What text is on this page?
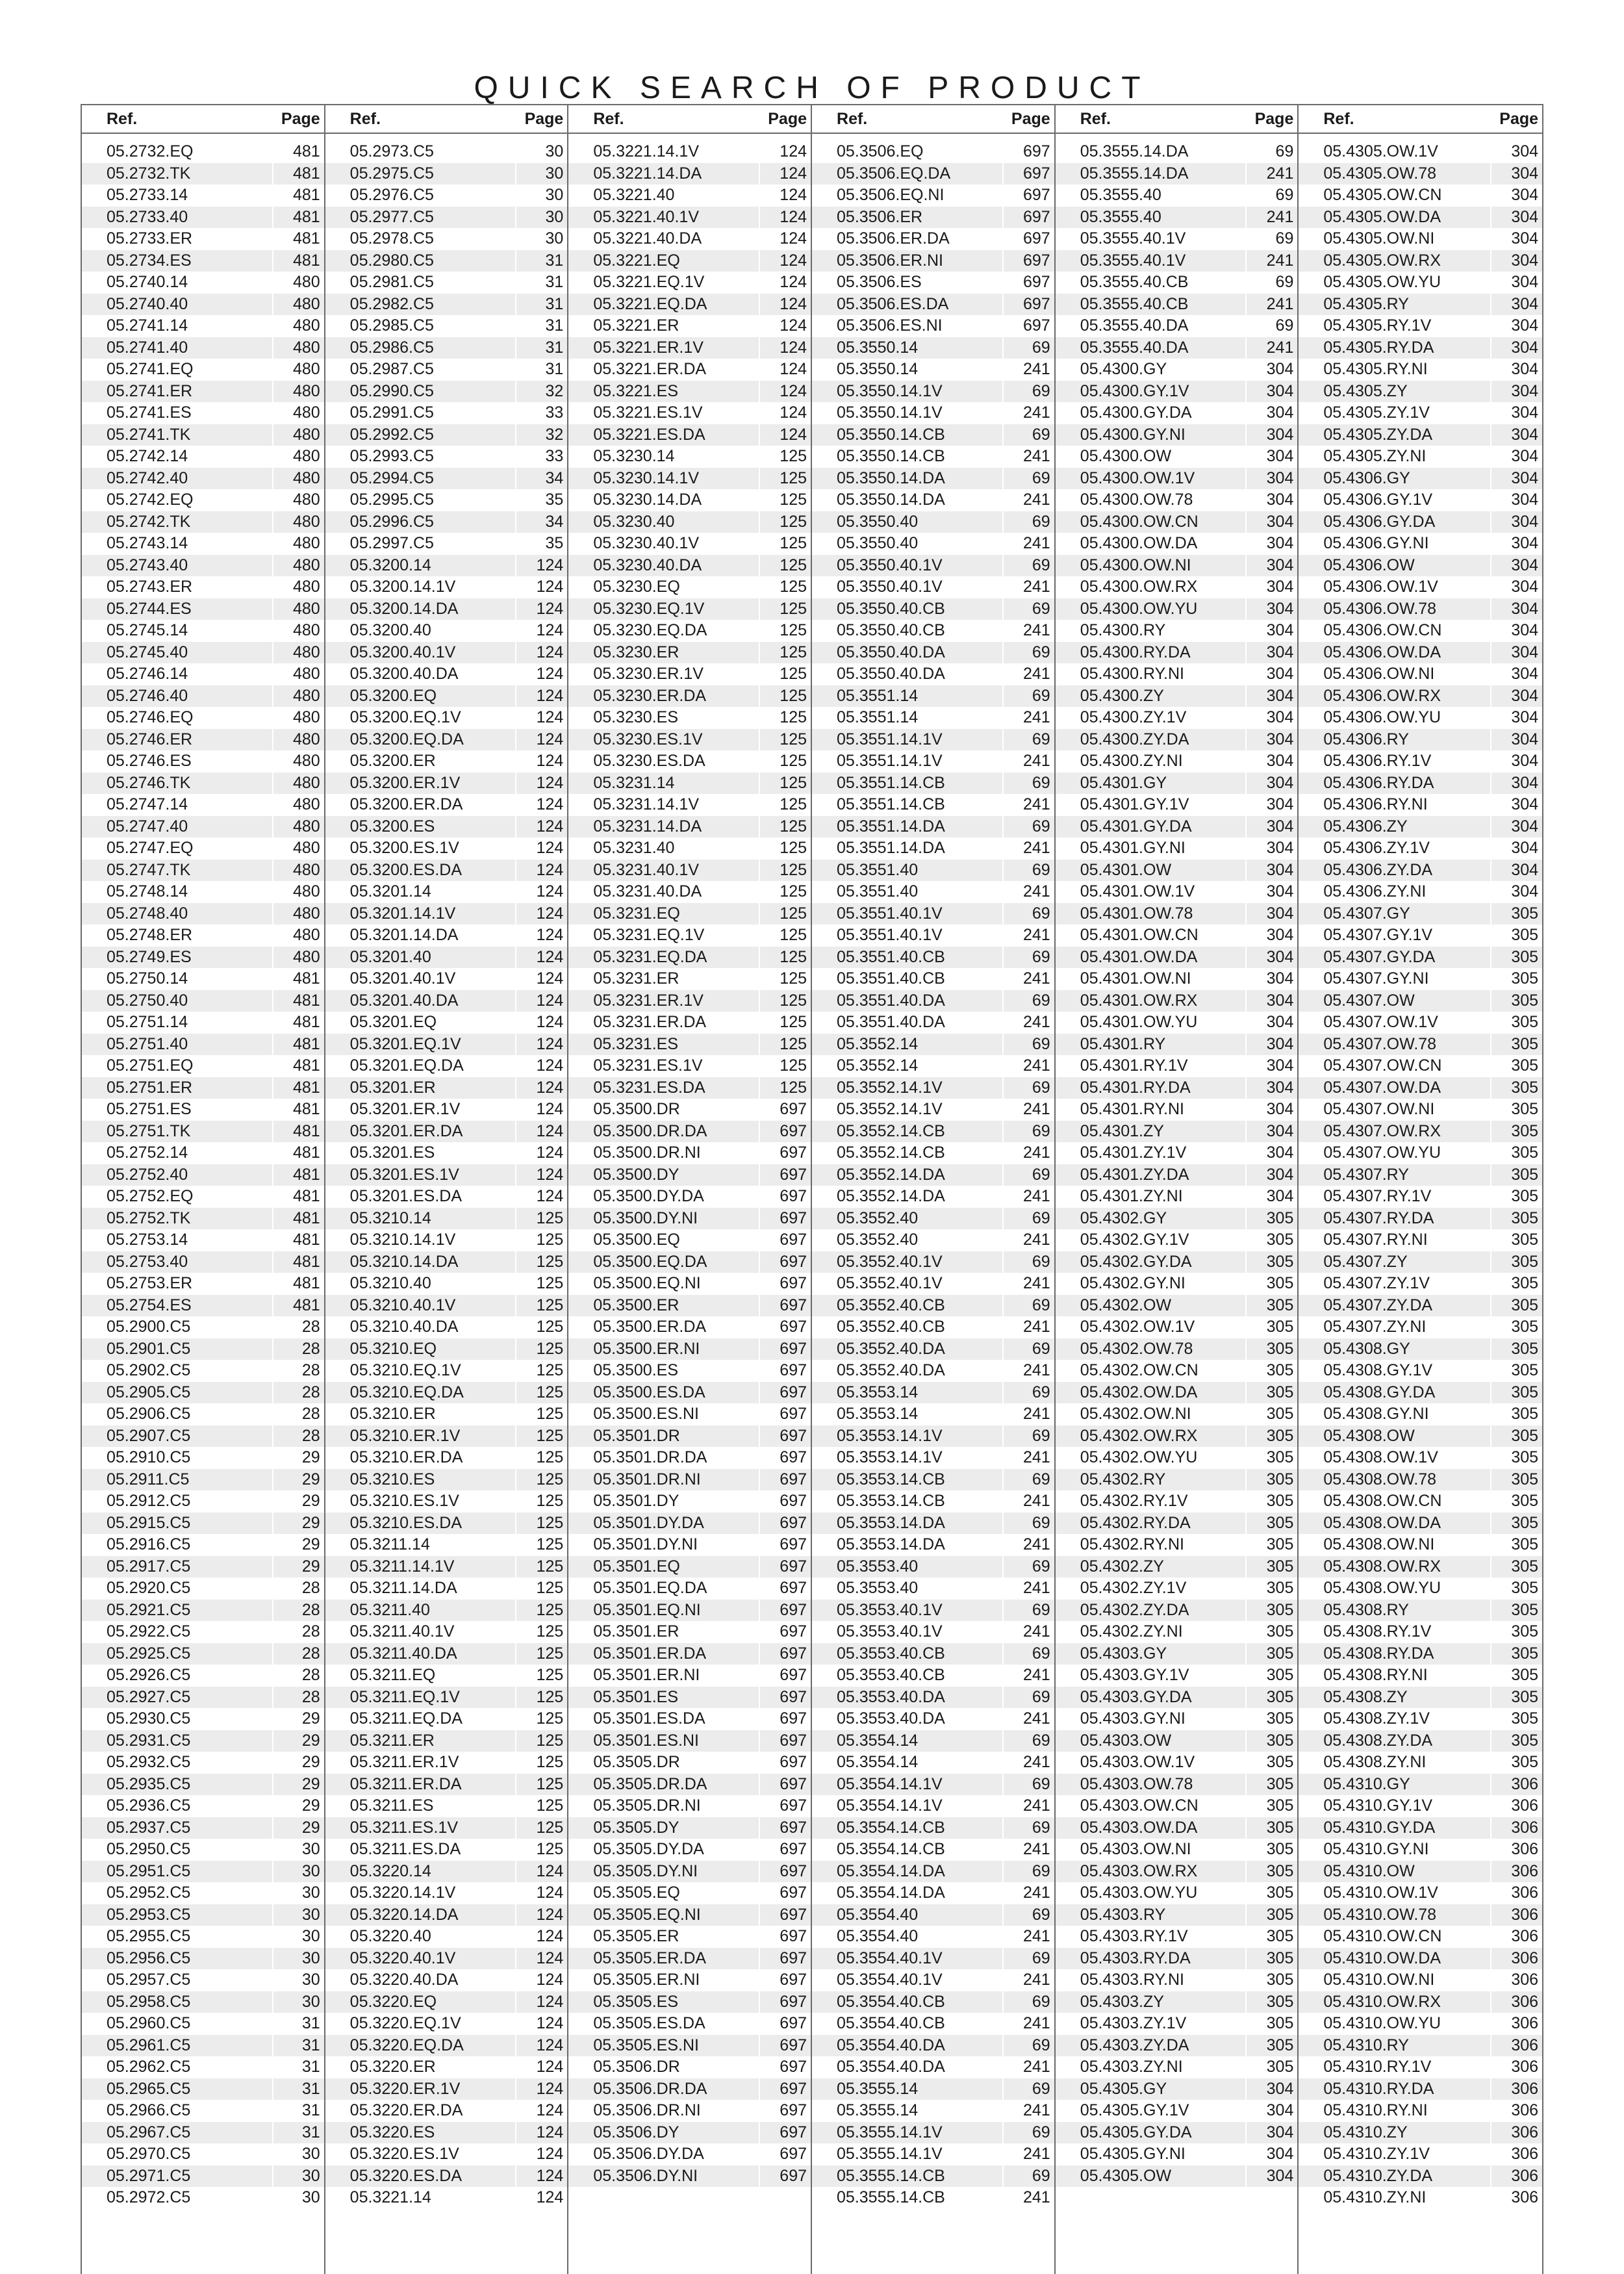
QUICK SEARCH OF PRODUCT
Ref.	Page
05.2732.EQ	481
05.2732.TK	481
05.2733.14	481
05.2733.40	481
05.2733.ER	481
05.2734.ES	481
05.2740.14	480
05.2740.40	480
05.2741.14	480
05.2741.40	480
05.2741.EQ	480
05.2741.ER	480
05.2741.ES	480
05.2741.TK	480
05.2742.14	480
05.2742.40	480
05.2742.EQ	480
05.2742.TK	480
05.2743.14	480
05.2743.40	480
05.2743.ER	480
05.2744.ES	480
05.2745.14	480
05.2745.40	480
05.2746.14	480
05.2746.40	480
05.2746.EQ	480
05.2746.ER	480
05.2746.ES	480
05.2746.TK	480
05.2747.14	480
05.2747.40	480
05.2747.EQ	480
05.2747.TK	480
05.2748.14	480
05.2748.40	480
05.2748.ER	480
05.2749.ES	480
05.2750.14	481
05.2750.40	481
05.2751.14	481
05.2751.40	481
05.2751.EQ	481
05.2751.ER	481
05.2751.ES	481
05.2751.TK	481
05.2752.14	481
05.2752.40	481
05.2752.EQ	481
05.2752.TK	481
05.2753.14	481
05.2753.40	481
05.2753.ER	481
05.2754.ES	481
05.2900.C5	28
05.2901.C5	28
05.2902.C5	28
05.2905.C5	28
05.2906.C5	28
05.2907.C5	28
05.2910.C5	29
05.2911.C5	29
05.2912.C5	29
05.2915.C5	29
05.2916.C5	29
05.2917.C5	29
05.2920.C5	28
05.2921.C5	28
05.2922.C5	28
05.2925.C5	28
05.2926.C5	28
05.2927.C5	28
05.2930.C5	29
05.2931.C5	29
05.2932.C5	29
05.2935.C5	29
05.2936.C5	29
05.2937.C5	29
05.2950.C5	30
05.2951.C5	30
05.2952.C5	30
05.2953.C5	30
05.2955.C5	30
05.2956.C5	30
05.2957.C5	30
05.2958.C5	30
05.2960.C5	31
05.2961.C5	31
05.2962.C5	31
05.2965.C5	31
05.2966.C5	31
05.2967.C5	31
05.2970.C5	30
05.2971.C5	30
05.2972.C5	30
Ref.	Page
05.2973.C5	30
05.2975.C5	30
05.2976.C5	30
05.2977.C5	30
05.2978.C5	30
05.2980.C5	31
05.2981.C5	31
05.2982.C5	31
05.2985.C5	31
05.2986.C5	31
05.2987.C5	31
05.2990.C5	32
05.2991.C5	33
05.2992.C5	32
05.2993.C5	33
05.2994.C5	34
05.2995.C5	35
05.2996.C5	34
05.2997.C5	35
05.3200.14	124
05.3200.14.1V	124
05.3200.14.DA	124
05.3200.40	124
05.3200.40.1V	124
05.3200.40.DA	124
05.3200.EQ	124
05.3200.EQ.1V	124
05.3200.EQ.DA	124
05.3200.ER	124
05.3200.ER.1V	124
05.3200.ER.DA	124
05.3200.ES	124
05.3200.ES.1V	124
05.3200.ES.DA	124
05.3201.14	124
05.3201.14.1V	124
05.3201.14.DA	124
05.3201.40	124
05.3201.40.1V	124
05.3201.40.DA	124
05.3201.EQ	124
05.3201.EQ.1V	124
05.3201.EQ.DA	124
05.3201.ER	124
05.3201.ER.1V	124
05.3201.ER.DA	124
05.3201.ES	124
05.3201.ES.1V	124
05.3201.ES.DA	124
05.3210.14	125
05.3210.14.1V	125
05.3210.14.DA	125
05.3210.40	125
05.3210.40.1V	125
05.3210.40.DA	125
05.3210.EQ	125
05.3210.EQ.1V	125
05.3210.EQ.DA	125
05.3210.ER	125
05.3210.ER.1V	125
05.3210.ER.DA	125
05.3210.ES	125
05.3210.ES.1V	125
05.3210.ES.DA	125
05.3211.14	125
05.3211.14.1V	125
05.3211.14.DA	125
05.3211.40	125
05.3211.40.1V	125
05.3211.40.DA	125
05.3211.EQ	125
05.3211.EQ.1V	125
05.3211.EQ.DA	125
05.3211.ER	125
05.3211.ER.1V	125
05.3211.ER.DA	125
05.3211.ES	125
05.3211.ES.1V	125
05.3211.ES.DA	125
05.3220.14	124
05.3220.14.1V	124
05.3220.14.DA	124
05.3220.40	124
05.3220.40.1V	124
05.3220.40.DA	124
05.3220.EQ	124
05.3220.EQ.1V	124
05.3220.EQ.DA	124
05.3220.ER	124
05.3220.ER.1V	124
05.3220.ER.DA	124
05.3220.ES	124
05.3220.ES.1V	124
05.3220.ES.DA	124
05.3221.14	124
Ref.	Page
05.3221.14.1V	124
05.3221.14.DA	124
05.3221.40	124
05.3221.40.1V	124
05.3221.40.DA	124
05.3221.EQ	124
05.3221.EQ.1V	124
05.3221.EQ.DA	124
05.3221.ER	124
05.3221.ER.1V	124
05.3221.ER.DA	124
05.3221.ES	124
05.3221.ES.1V	124
05.3221.ES.DA	124
05.3230.14	125
05.3230.14.1V	125
05.3230.14.DA	125
05.3230.40	125
05.3230.40.1V	125
05.3230.40.DA	125
05.3230.EQ	125
05.3230.EQ.1V	125
05.3230.EQ.DA	125
05.3230.ER	125
05.3230.ER.1V	125
05.3230.ER.DA	125
05.3230.ES	125
05.3230.ES.1V	125
05.3230.ES.DA	125
05.3231.14	125
05.3231.14.1V	125
05.3231.14.DA	125
05.3231.40	125
05.3231.40.1V	125
05.3231.40.DA	125
05.3231.EQ	125
05.3231.EQ.1V	125
05.3231.EQ.DA	125
05.3231.ER	125
05.3231.ER.1V	125
05.3231.ER.DA	125
05.3231.ES	125
05.3231.ES.1V	125
05.3231.ES.DA	125
05.3500.DR	697
05.3500.DR.DA	697
05.3500.DR.NI	697
05.3500.DY	697
05.3500.DY.DA	697
05.3500.DY.NI	697
05.3500.EQ	697
05.3500.EQ.DA	697
05.3500.EQ.NI	697
05.3500.ER	697
05.3500.ER.DA	697
05.3500.ER.NI	697
05.3500.ES	697
05.3500.ES.DA	697
05.3500.ES.NI	697
05.3501.DR	697
05.3501.DR.DA	697
05.3501.DR.NI	697
05.3501.DY	697
05.3501.DY.DA	697
05.3501.DY.NI	697
05.3501.EQ	697
05.3501.EQ.DA	697
05.3501.EQ.NI	697
05.3501.ER	697
05.3501.ER.DA	697
05.3501.ER.NI	697
05.3501.ES	697
05.3501.ES.DA	697
05.3501.ES.NI	697
05.3505.DR	697
05.3505.DR.DA	697
05.3505.DR.NI	697
05.3505.DY	697
05.3505.DY.DA	697
05.3505.DY.NI	697
05.3505.EQ	697
05.3505.EQ.NI	697
05.3505.ER	697
05.3505.ER.DA	697
05.3505.ER.NI	697
05.3505.ES	697
05.3505.ES.DA	697
05.3505.ES.NI	697
05.3506.DR	697
05.3506.DR.DA	697
05.3506.DR.NI	697
05.3506.DY	697
05.3506.DY.DA	697
05.3506.DY.NI	697
Ref.	Page
05.3506.EQ	697
05.3506.EQ.DA	697
05.3506.EQ.NI	697
05.3506.ER	697
05.3506.ER.DA	697
05.3506.ER.NI	697
05.3506.ES	697
05.3506.ES.DA	697
05.3506.ES.NI	697
05.3550.14	69
05.3550.14	241
05.3550.14.1V	69
05.3550.14.1V	241
05.3550.14.CB	69
05.3550.14.CB	241
05.3550.14.DA	69
05.3550.14.DA	241
05.3550.40	69
05.3550.40	241
05.3550.40.1V	69
05.3550.40.1V	241
05.3550.40.CB	69
05.3550.40.CB	241
05.3550.40.DA	69
05.3550.40.DA	241
05.3551.14	69
05.3551.14	241
05.3551.14.1V	69
05.3551.14.1V	241
05.3551.14.CB	69
05.3551.14.CB	241
05.3551.14.DA	69
05.3551.14.DA	241
05.3551.40	69
05.3551.40	241
05.3551.40.1V	69
05.3551.40.1V	241
05.3551.40.CB	69
05.3551.40.CB	241
05.3551.40.DA	69
05.3551.40.DA	241
05.3552.14	69
05.3552.14	241
05.3552.14.1V	69
05.3552.14.1V	241
05.3552.14.CB	69
05.3552.14.CB	241
05.3552.14.DA	69
05.3552.14.DA	241
05.3552.40	69
05.3552.40	241
05.3552.40.1V	69
05.3552.40.1V	241
05.3552.40.CB	69
05.3552.40.CB	241
05.3552.40.DA	69
05.3552.40.DA	241
05.3553.14	69
05.3553.14	241
05.3553.14.1V	69
05.3553.14.1V	241
05.3553.14.CB	69
05.3553.14.CB	241
05.3553.14.DA	69
05.3553.14.DA	241
05.3553.40	69
05.3553.40	241
05.3553.40.1V	69
05.3553.40.1V	241
05.3553.40.CB	69
05.3553.40.CB	241
05.3553.40.DA	69
05.3553.40.DA	241
05.3554.14	69
05.3554.14	241
05.3554.14.1V	69
05.3554.14.1V	241
05.3554.14.CB	69
05.3554.14.CB	241
05.3554.14.DA	69
05.3554.14.DA	241
05.3554.40	69
05.3554.40	241
05.3554.40.1V	69
05.3554.40.1V	241
05.3554.40.CB	69
05.3554.40.CB	241
05.3554.40.DA	69
05.3554.40.DA	241
05.3555.14	69
05.3555.14	241
05.3555.14.1V	69
05.3555.14.1V	241
05.3555.14.CB	69
05.3555.14.CB	241
Ref.	Page
05.3555.14.DA	69
05.3555.14.DA	241
05.3555.40	69
05.3555.40	241
05.3555.40.1V	69
05.3555.40.1V	241
05.3555.40.CB	69
05.3555.40.CB	241
05.3555.40.DA	69
05.3555.40.DA	241
05.4300.GY	304
05.4300.GY.1V	304
05.4300.GY.DA	304
05.4300.GY.NI	304
05.4300.OW	304
05.4300.OW.1V	304
05.4300.OW.78	304
05.4300.OW.CN	304
05.4300.OW.DA	304
05.4300.OW.NI	304
05.4300.OW.RX	304
05.4300.OW.YU	304
05.4300.RY	304
05.4300.RY.DA	304
05.4300.RY.NI	304
05.4300.ZY	304
05.4300.ZY.1V	304
05.4300.ZY.DA	304
05.4300.ZY.NI	304
05.4301.GY	304
05.4301.GY.1V	304
05.4301.GY.DA	304
05.4301.GY.NI	304
05.4301.OW	304
05.4301.OW.1V	304
05.4301.OW.78	304
05.4301.OW.CN	304
05.4301.OW.DA	304
05.4301.OW.NI	304
05.4301.OW.RX	304
05.4301.OW.YU	304
05.4301.RY	304
05.4301.RY.1V	304
05.4301.RY.DA	304
05.4301.RY.NI	304
05.4301.ZY	304
05.4301.ZY.1V	304
05.4301.ZY.DA	304
05.4301.ZY.NI	304
05.4302.GY	305
05.4302.GY.1V	305
05.4302.GY.DA	305
05.4302.GY.NI	305
05.4302.OW	305
05.4302.OW.1V	305
05.4302.OW.78	305
05.4302.OW.CN	305
05.4302.OW.DA	305
05.4302.OW.NI	305
05.4302.OW.RX	305
05.4302.OW.YU	305
05.4302.RY	305
05.4302.RY.1V	305
05.4302.RY.DA	305
05.4302.RY.NI	305
05.4302.ZY	305
05.4302.ZY.1V	305
05.4302.ZY.DA	305
05.4302.ZY.NI	305
05.4303.GY	305
05.4303.GY.1V	305
05.4303.GY.DA	305
05.4303.GY.NI	305
05.4303.OW	305
05.4303.OW.1V	305
05.4303.OW.78	305
05.4303.OW.CN	305
05.4303.OW.DA	305
05.4303.OW.NI	305
05.4303.OW.RX	305
05.4303.OW.YU	305
05.4303.RY	305
05.4303.RY.1V	305
05.4303.RY.DA	305
05.4303.RY.NI	305
05.4303.ZY	305
05.4303.ZY.1V	305
05.4303.ZY.DA	305
05.4303.ZY.NI	305
05.4305.GY	304
05.4305.GY.1V	304
05.4305.GY.DA	304
05.4305.GY.NI	304
05.4305.OW	304
Ref.	Page
05.4305.OW.1V	304
05.4305.OW.78	304
05.4305.OW.CN	304
05.4305.OW.DA	304
05.4305.OW.NI	304
05.4305.OW.RX	304
05.4305.OW.YU	304
05.4305.RY	304
05.4305.RY.1V	304
05.4305.RY.DA	304
05.4305.RY.NI	304
05.4305.ZY	304
05.4305.ZY.1V	304
05.4305.ZY.DA	304
05.4305.ZY.NI	304
05.4306.GY	304
05.4306.GY.1V	304
05.4306.GY.DA	304
05.4306.GY.NI	304
05.4306.OW	304
05.4306.OW.1V	304
05.4306.OW.78	304
05.4306.OW.CN	304
05.4306.OW.DA	304
05.4306.OW.NI	304
05.4306.OW.RX	304
05.4306.OW.YU	304
05.4306.RY	304
05.4306.RY.1V	304
05.4306.RY.DA	304
05.4306.RY.NI	304
05.4306.ZY	304
05.4306.ZY.1V	304
05.4306.ZY.DA	304
05.4306.ZY.NI	304
05.4307.GY	305
05.4307.GY.1V	305
05.4307.GY.DA	305
05.4307.GY.NI	305
05.4307.OW	305
05.4307.OW.1V	305
05.4307.OW.78	305
05.4307.OW.CN	305
05.4307.OW.DA	305
05.4307.OW.NI	305
05.4307.OW.RX	305
05.4307.OW.YU	305
05.4307.RY	305
05.4307.RY.1V	305
05.4307.RY.DA	305
05.4307.RY.NI	305
05.4307.ZY	305
05.4307.ZY.1V	305
05.4307.ZY.DA	305
05.4307.ZY.NI	305
05.4308.GY	305
05.4308.GY.1V	305
05.4308.GY.DA	305
05.4308.GY.NI	305
05.4308.OW	305
05.4308.OW.1V	305
05.4308.OW.78	305
05.4308.OW.CN	305
05.4308.OW.DA	305
05.4308.OW.NI	305
05.4308.OW.RX	305
05.4308.OW.YU	305
05.4308.RY	305
05.4308.RY.1V	305
05.4308.RY.DA	305
05.4308.RY.NI	305
05.4308.ZY	305
05.4308.ZY.1V	305
05.4308.ZY.DA	305
05.4308.ZY.NI	305
05.4310.GY	306
05.4310.GY.1V	306
05.4310.GY.DA	306
05.4310.GY.NI	306
05.4310.OW	306
05.4310.OW.1V	306
05.4310.OW.78	306
05.4310.OW.CN	306
05.4310.OW.DA	306
05.4310.OW.NI	306
05.4310.OW.RX	306
05.4310.OW.YU	306
05.4310.RY	306
05.4310.RY.1V	306
05.4310.RY.DA	306
05.4310.RY.NI	306
05.4310.ZY	306
05.4310.ZY.1V	306
05.4310.ZY.DA	306
05.4310.ZY.NI	306
